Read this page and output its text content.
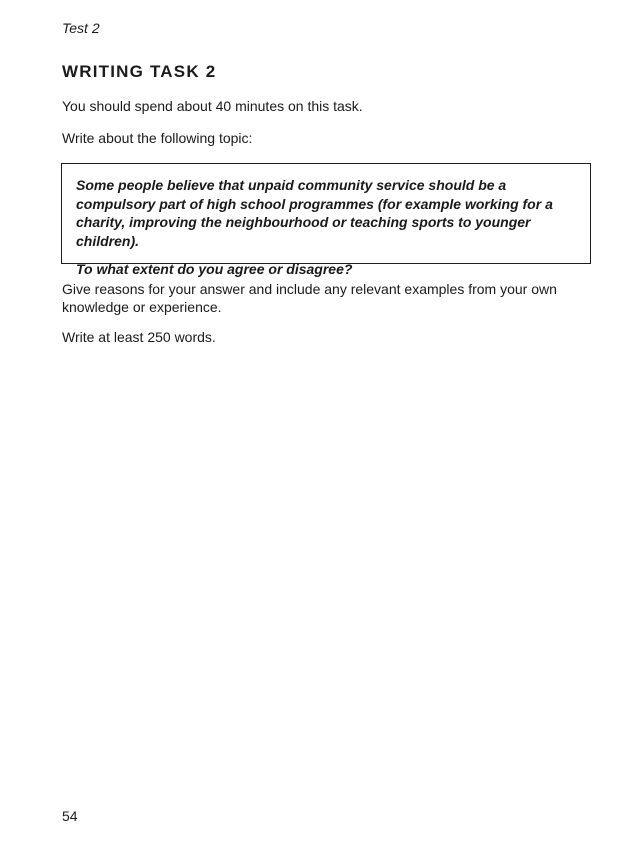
Test 2
WRITING TASK 2
You should spend about 40 minutes on this task.
Write about the following topic:

Some people believe that unpaid community service should be a compulsory part of high school programmes (for example working for a charity, improving the neighbourhood or teaching sports to younger children).

To what extent do you agree or disagree?

Give reasons for your answer and include any relevant examples from your own knowledge or experience.
Write at least 250 words.
54
